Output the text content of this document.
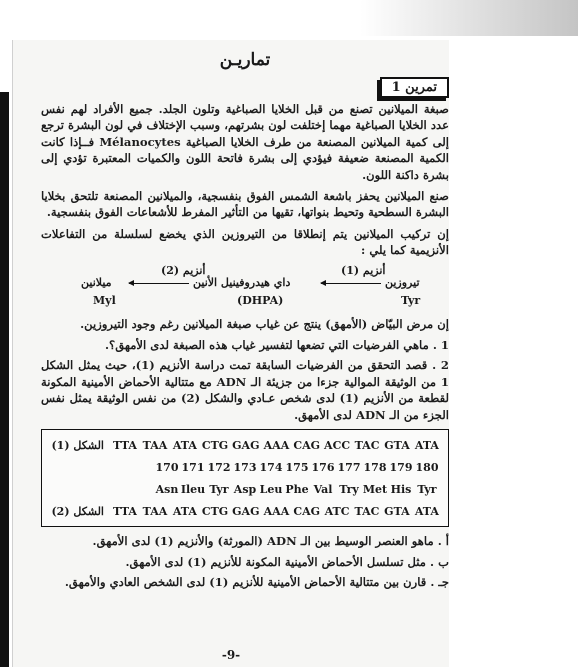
تماريـن
تمرين 1

صبغة الميلانين تصنع من قبل الخلايا الصباغية وتلون الجلد. جميع الأفراد لهم نفس عدد الخلايا الصباغية مهما إختلفت لون بشرتهم، وسبب الإختلاف في لون البشرة ترجع إلى كمية الميلانين المصنعة من طرف الخلايا الصباغية Mélanocytes فــإذا كانت الكمية المصنعة ضعيفة فيؤدي إلى بشرة فاتحة اللون والكميات المعتبرة تؤدي إلى بشرة داكنة اللون.

صنع الميلانين يحفز باشعة الشمس الفوق بنفسجية، والميلانين المصنعة تلتحق بخلايا البشرة السطحية وتحيط بنواتها، تقيها من التأثير المفرط للأشعاعات الفوق بنفسجية.

إن تركيب الميلانين يتم إنطلاقا من التيروزين الذي يخضع لسلسلة من التفاعلات الأنزيمية كما يلي :

أنزيم (1)
أنزيم (2)
تيروزين
داي هيدروفينيل الأنين
ميلانين
Tyr
(DHPA)
Myl

إن مرض البيّاض (الأمهق) ينتج عن غياب صبغة الميلانين رغم وجود التيروزين.

1 . ماهي الفرضيات التي تضعها لتفسير غياب هذه الصبغة لدى الأمهق؟.

2 . قصد التحقق من الفرضيات السابقة تمت دراسة الأنزيم (1)، حيث يمثل الشكل 1 من الوثيقة الموالية جزءا من جزيئة الـ ADN مع متتالية الأحماض الأمينية المكونة لقطعة من الأنزيم (1) لدى شخص عـادي والشكل (2) من نفس الوثيقة يمثل نفس الجزء من الـ ADN لدى الأمهق.

الشكل (1) TTA TAA ATA CTG GAG AAA CAG ACC TAC GTA ATA
170 171 172 173 174 175 176 177 178 179 180
Asn Ileu Tyr Asp Leu Phe Val Try Met His Tyr
الشكل (2) TTA TAA ATA CTG GAG AAA CAG ATC TAC GTA ATA

أ . ماهو العنصر الوسيط بين الـ ADN (المورثة) والأنزيم (1) لدى الأمهق.

ب . مثل تسلسل الأحماض الأمينية المكونة للأنزيم (1) لدى الأمهق.

جـ . قارن بين متتالية الأحماض الأمينية للأنزيم (1) لدى الشخص العادي والأمهق.

-9-
